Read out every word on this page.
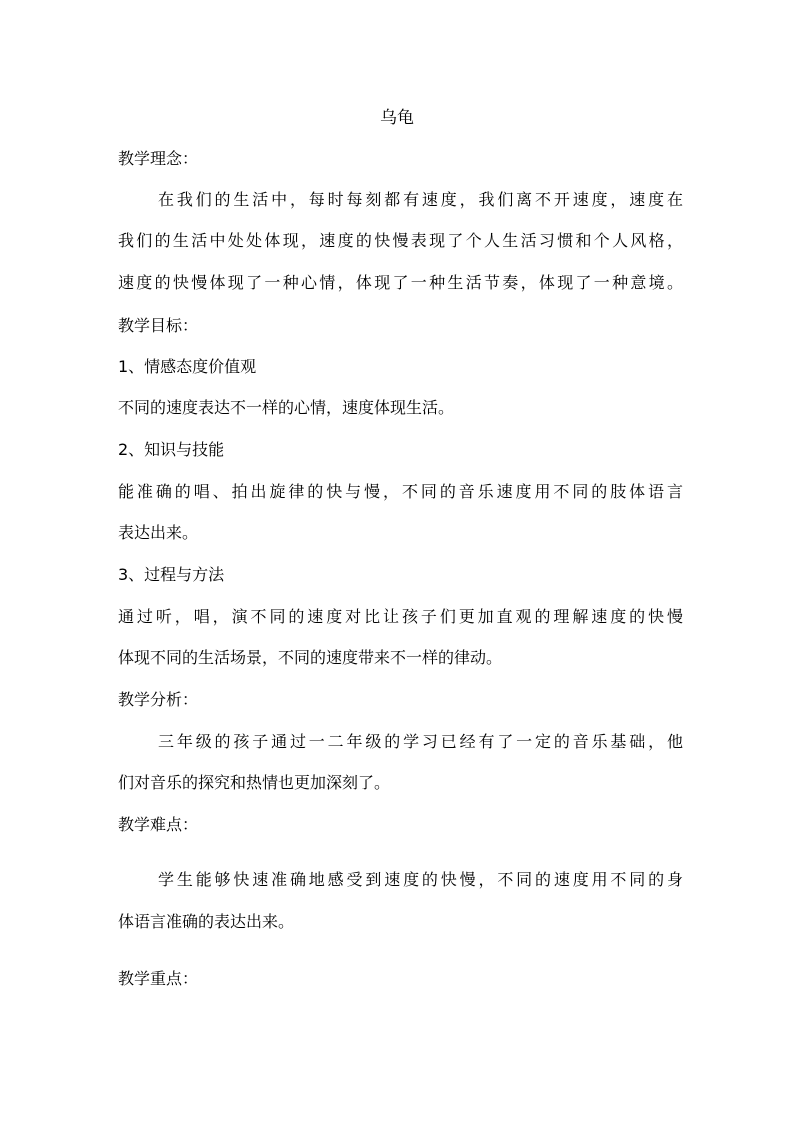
乌龟
教学理念：
在我们的生活中，每时每刻都有速度，我们离不开速度，速度在
我们的生活中处处体现，速度的快慢表现了个人生活习惯和个人风格，
速度的快慢体现了一种心情，体现了一种生活节奏，体现了一种意境。
教学目标：
1、情感态度价值观
不同的速度表达不一样的心情，速度体现生活。
2、知识与技能
能准确的唱、拍出旋律的快与慢，不同的音乐速度用不同的肢体语言
表达出来。
3、过程与方法
通过听，唱，演不同的速度对比让孩子们更加直观的理解速度的快慢
体现不同的生活场景，不同的速度带来不一样的律动。
教学分析：
三年级的孩子通过一二年级的学习已经有了一定的音乐基础，他
们对音乐的探究和热情也更加深刻了。
教学难点：
学生能够快速准确地感受到速度的快慢，不同的速度用不同的身
体语言准确的表达出来。
教学重点：
